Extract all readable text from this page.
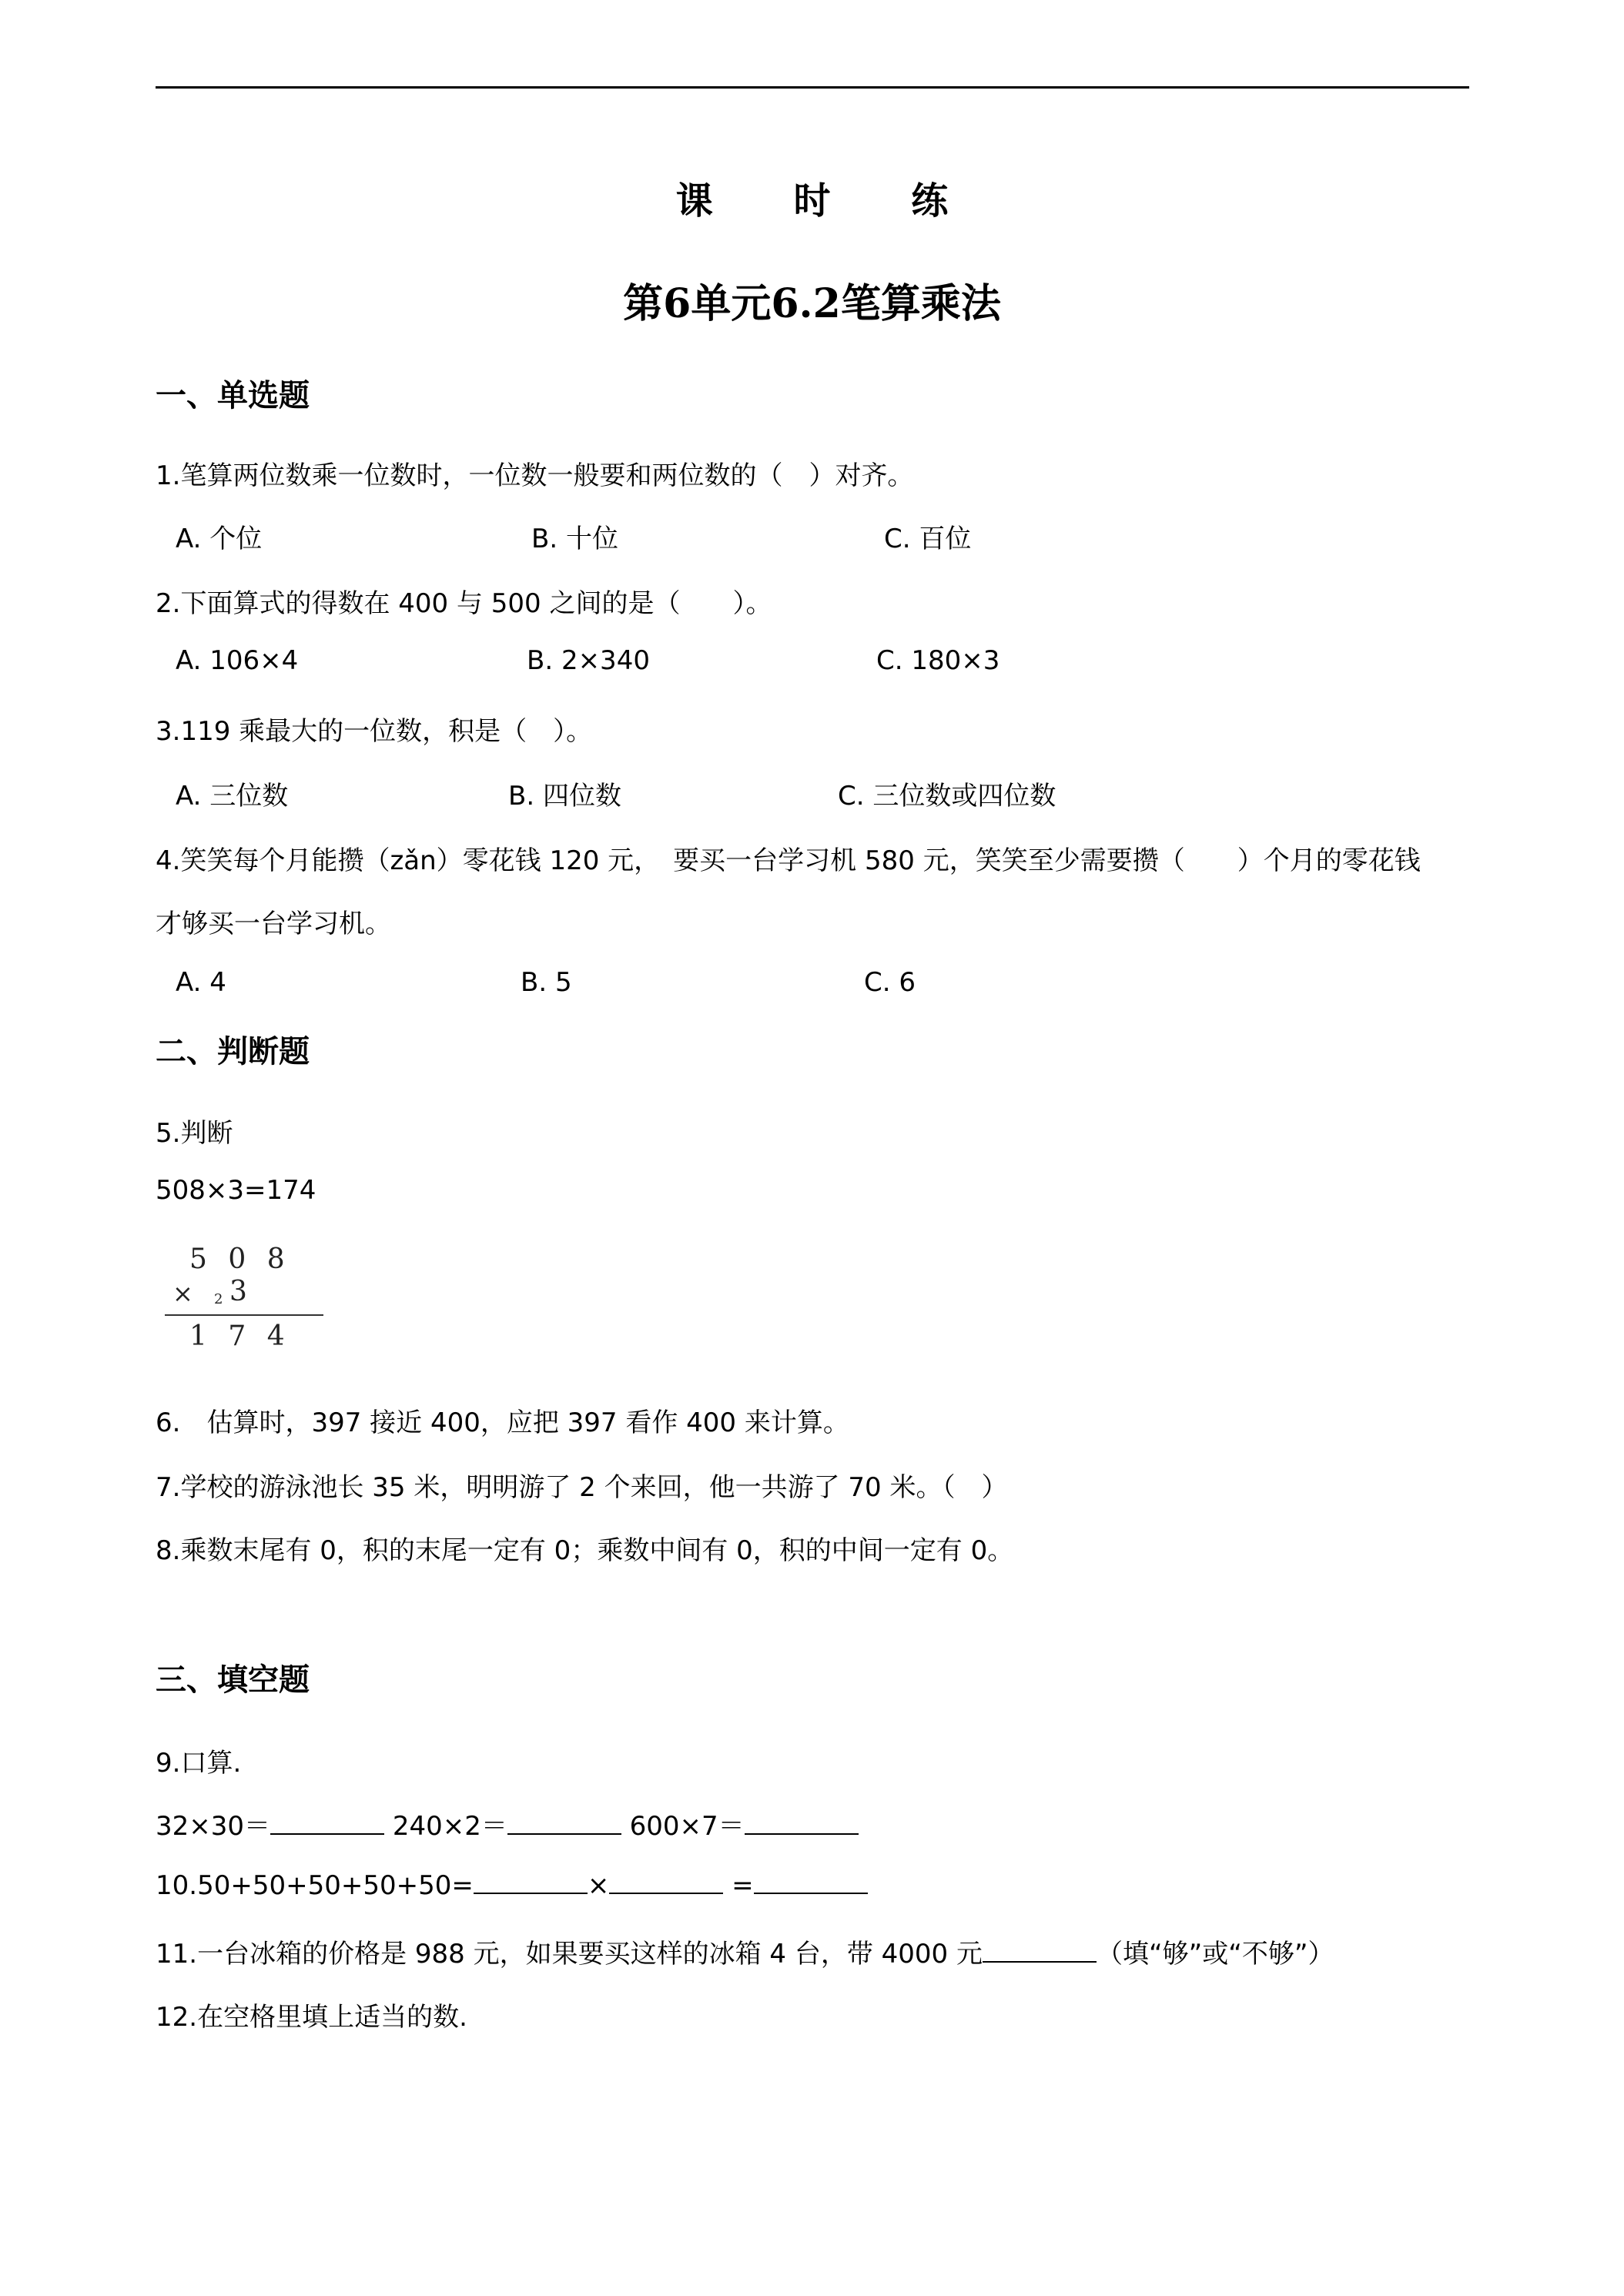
课 时 练
第6单元6.2笔算乘法
一、单选题
1.笔算两位数乘一位数时，一位数一般要和两位数的（　）对齐。
A. 个位	B. 十位	C. 百位
2.下面算式的得数在 400 与 500 之间的是（　　）。
A. 106×4	B. 2×340	C. 180×3
3.119 乘最大的一位数，积是（　）。
A. 三位数	B. 四位数	C. 三位数或四位数
4.笑笑每个月能攒（zǎn）零花钱 120 元，　要买一台学习机 580 元，笑笑至少需要攒（　　）个月的零花钱
才够买一台学习机。
A. 4	B. 5	C. 6
二、判断题
5.判断
508×3=174
5 0 8
× 2 3
1 7 4
6.　估算时，397 接近 400，应把 397 看作 400 来计算。
7.学校的游泳池长 35 米，明明游了 2 个来回，他一共游了 70 米。（　）
8.乘数末尾有 0，积的末尾一定有 0；乘数中间有 0，积的中间一定有 0。
三、填空题
9.口算.
32×30＝	240×2＝	600×7＝
10.50+50+50+50+50=	×	=
11.一台冰箱的价格是 988 元，如果要买这样的冰箱 4 台，带 4000 元	（填“够”或“不够”）
12.在空格里填上适当的数.
